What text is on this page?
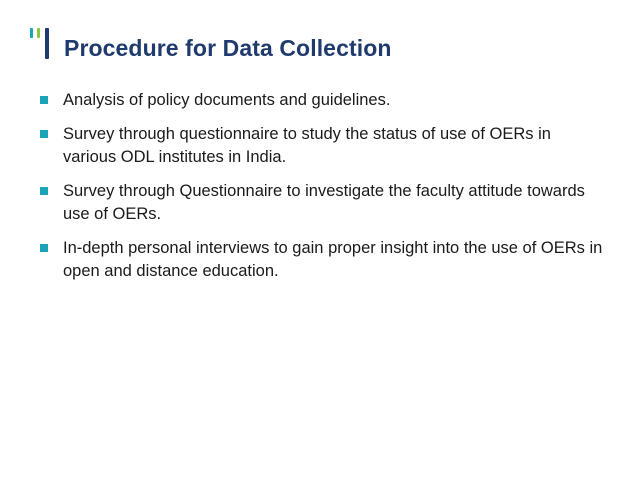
Procedure for Data Collection
Analysis of policy documents and guidelines.
Survey through questionnaire to study the status of use of OERs in various ODL institutes in India.
Survey through Questionnaire to investigate the faculty attitude towards use of OERs.
In-depth personal interviews to gain proper insight into the use of OERs in open and distance education.
